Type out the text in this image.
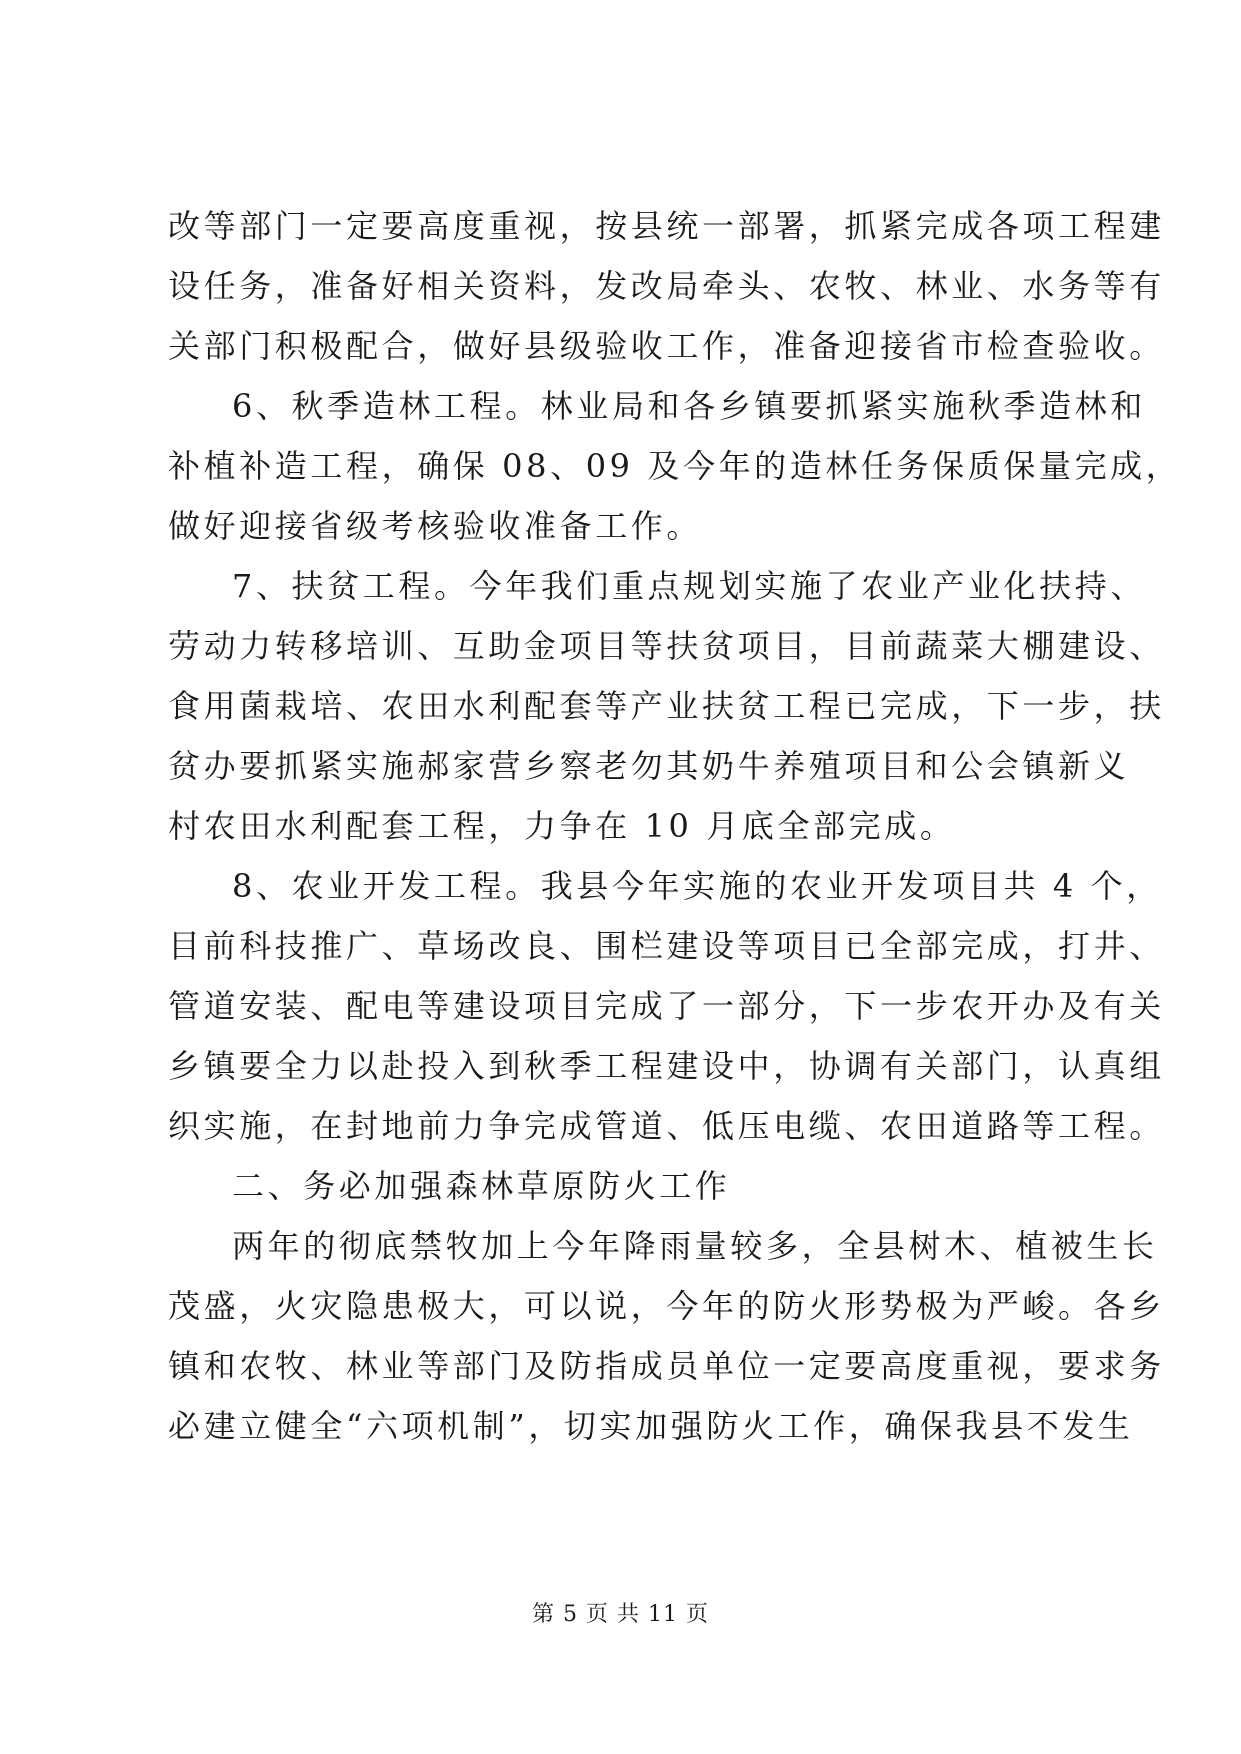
改等部门一定要高度重视，按县统一部署，抓紧完成各项工程建
设任务，准备好相关资料，发改局牵头、农牧、林业、水务等有
关部门积极配合，做好县级验收工作，准备迎接省市检查验收。
6、秋季造林工程。林业局和各乡镇要抓紧实施秋季造林和
补植补造工程，确保 08、09 及今年的造林任务保质保量完成，
做好迎接省级考核验收准备工作。
7、扶贫工程。今年我们重点规划实施了农业产业化扶持、
劳动力转移培训、互助金项目等扶贫项目，目前蔬菜大棚建设、
食用菌栽培、农田水利配套等产业扶贫工程已完成，下一步，扶
贫办要抓紧实施郝家营乡察老勿其奶牛养殖项目和公会镇新义
村农田水利配套工程，力争在 10 月底全部完成。
8、农业开发工程。我县今年实施的农业开发项目共 4 个，
目前科技推广、草场改良、围栏建设等项目已全部完成，打井、
管道安装、配电等建设项目完成了一部分，下一步农开办及有关
乡镇要全力以赴投入到秋季工程建设中，协调有关部门，认真组
织实施，在封地前力争完成管道、低压电缆、农田道路等工程。
二、务必加强森林草原防火工作
两年的彻底禁牧加上今年降雨量较多，全县树木、植被生长
茂盛，火灾隐患极大，可以说，今年的防火形势极为严峻。各乡
镇和农牧、林业等部门及防指成员单位一定要高度重视，要求务
必建立健全“六项机制”，切实加强防火工作，确保我县不发生
第 5 页 共 11 页
